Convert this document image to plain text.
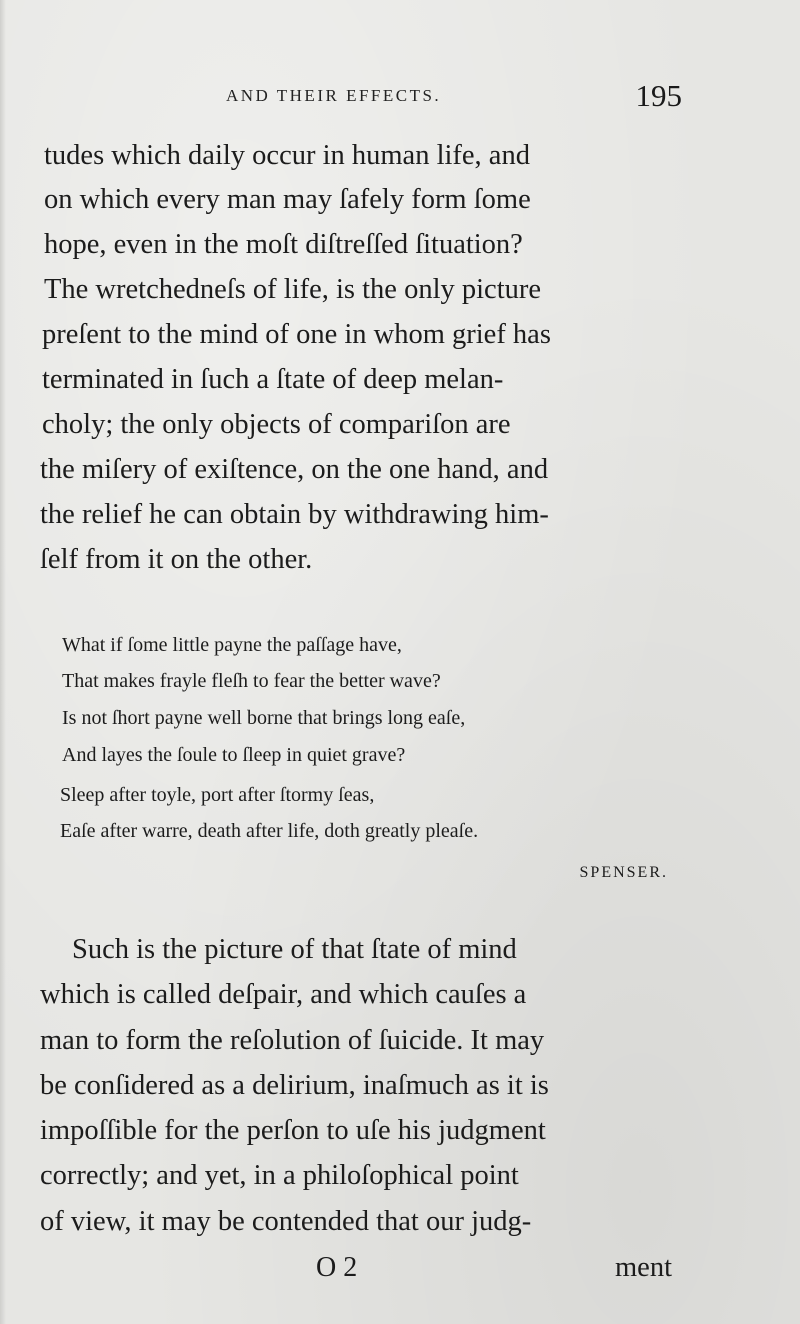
AND THEIR EFFECTS.	195
tudes which daily occur in human life, and
on which every man may ſafely form ſome
hope, even in the moſt diſtreſſed ſituation?
The wretchedneſs of life, is the only picture
preſent to the mind of one in whom grief has
terminated in ſuch a ſtate of deep melan-
choly; the only objects of compariſon are
the miſery of exiſtence, on the one hand, and
the relief he can obtain by withdrawing him-
ſelf from it on the other.
What if ſome little payne the paſſage have,
That makes frayle fleſh to fear the better wave?
Is not ſhort payne well borne that brings long eaſe,
And layes the ſoule to ſleep in quiet grave?
Sleep after toyle, port after ſtormy ſeas,
Eaſe after warre, death after life, doth greatly pleaſe.
SPENSER.
Such is the picture of that ſtate of mind
which is called deſpair, and which cauſes a
man to form the reſolution of ſuicide. It may
be conſidered as a delirium, inaſmuch as it is
impoſſible for the perſon to uſe his judgment
correctly; and yet, in a philoſophical point
of view, it may be contended that our judg-
O 2	ment
